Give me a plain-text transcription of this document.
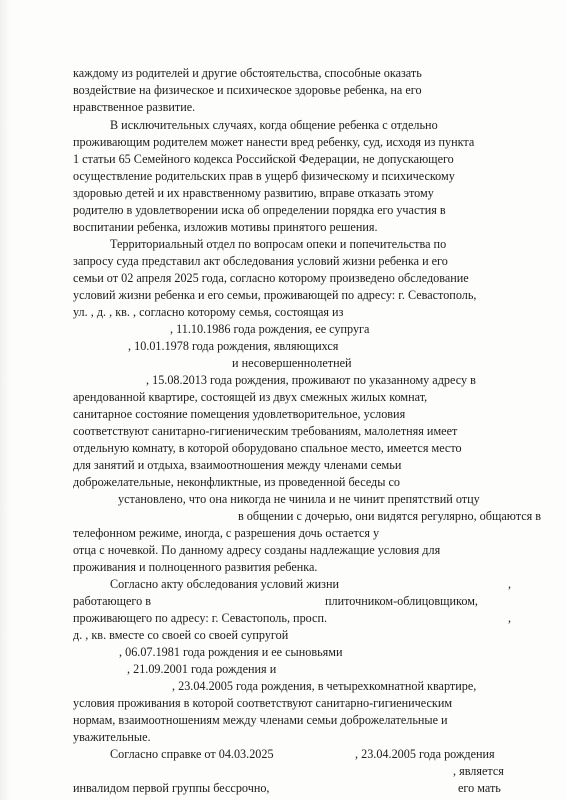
каждому из родителей и другие обстоятельства, способные оказать
воздействие на физическое и психическое здоровье ребенка, на его
нравственное развитие.
В исключительных случаях, когда общение ребенка с отдельно
проживающим родителем может нанести вред ребенку, суд, исходя из пункта
1 статьи 65 Семейного кодекса Российской Федерации, не допускающего
осуществление родительских прав в ущерб физическому и психическому
здоровью детей и их нравственному развитию, вправе отказать этому
родителю в удовлетворении иска об определении порядка его участия в
воспитании ребенка, изложив мотивы принятого решения.
Территориальный отдел по вопросам опеки и попечительства по
запросу суда представил акт обследования условий жизни ребенка и его
семьи от 02 апреля 2025 года, согласно которому произведено обследование
условий жизни ребенка и его семьи, проживающей по адресу: г. Севастополь,
ул. , д. , кв. , согласно которому семья, состоящая из
, 11.10.1986 года рождения, ее супруга
, 10.01.1978 года рождения, являющихся
и несовершеннолетней
, 15.08.2013 года рождения, проживают по указанному адресу в
арендованной квартире, состоящей из двух смежных жилых комнат,
санитарное состояние помещения удовлетворительное, условия
соответствуют санитарно-гигиеническим требованиям, малолетняя имеет
отдельную комнату, в которой оборудовано спальное место, имеется место
для занятий и отдыха, взаимоотношения между членами семьи
доброжелательные, неконфликтные, из проведенной беседы со
установлено, что она никогда не чинила и не чинит препятствий отцу
в общении с дочерью, они видятся регулярно, общаются в
телефонном режиме, иногда, с разрешения дочь остается у
отца с ночевкой. По данному адресу созданы надлежащие условия для
проживания и полноценного развития ребенка.
Согласно акту обследования условий жизни	,
работающего в	плиточником-облицовщиком,
проживающего по адресу: г. Севастополь, просп.	,
д. , кв. вместе со своей со своей супругой
, 06.07.1981 года рождения и ее сыновьями
, 21.09.2001 года рождения и
, 23.04.2005 года рождения, в четырехкомнатной квартире,
условия проживания в которой соответствуют санитарно-гигиеническим
нормам, взаимоотношениям между членами семьи доброжелательные и
уважительные.
Согласно справке от 04.03.2025	, 23.04.2005 года рождения
, является
инвалидом первой группы бессрочно,	его мать
